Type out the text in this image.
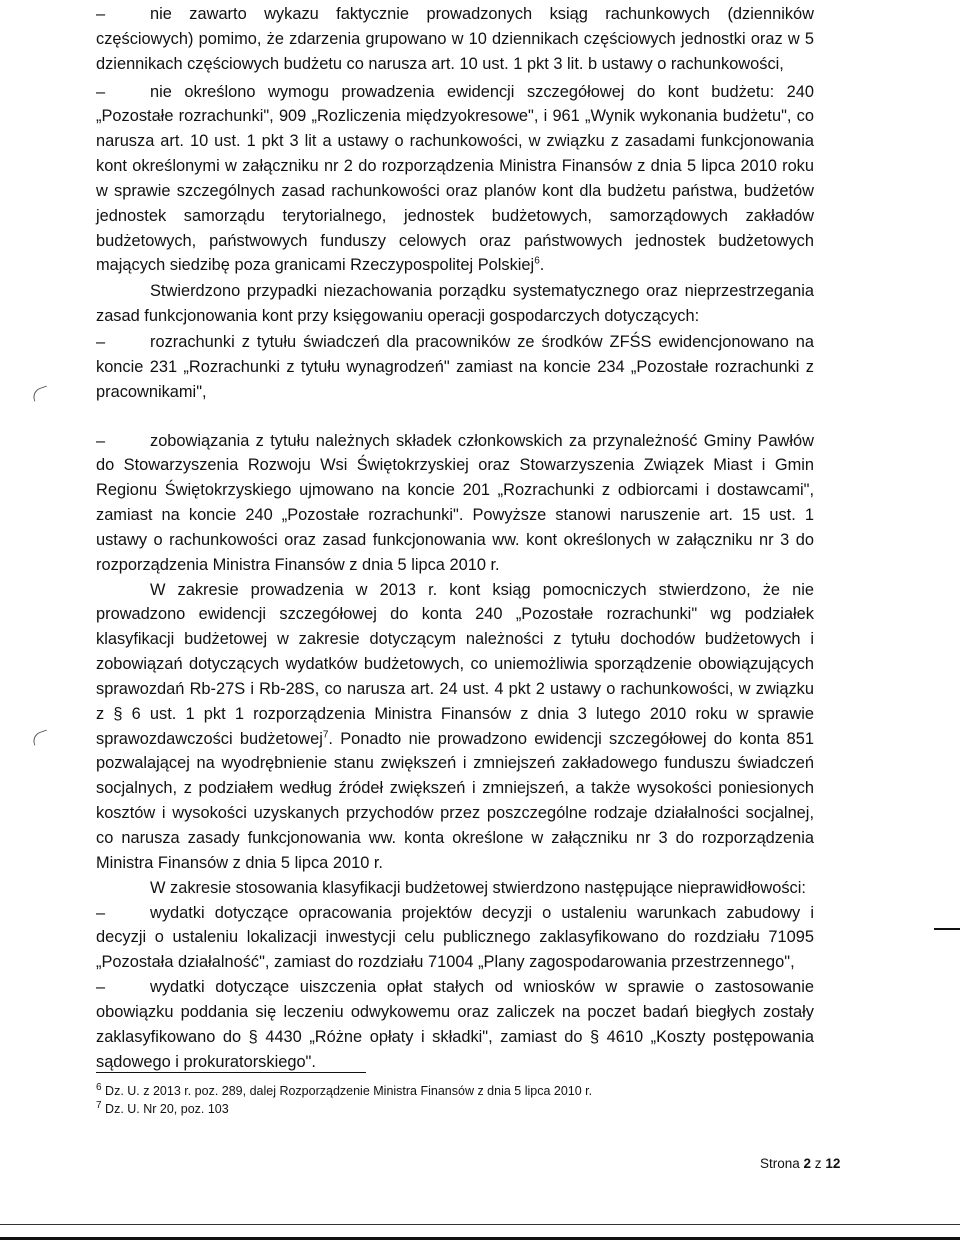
–	nie zawarto wykazu faktycznie prowadzonych ksiąg rachunkowych (dzienników częściowych) pomimo, że zdarzenia grupowano w 10 dziennikach częściowych jednostki oraz w 5 dziennikach częściowych budżetu co narusza art. 10 ust. 1 pkt 3 lit. b ustawy o rachunkowości,

–	nie określono wymogu prowadzenia ewidencji szczegółowej do kont budżetu: 240 „Pozostałe rozrachunki", 909 „Rozliczenia międzyokresowe", i 961 „Wynik wykonania budżetu", co narusza art. 10 ust. 1 pkt 3 lit a ustawy o rachunkowości, w związku z zasadami funkcjonowania kont określonymi w załączniku nr 2 do rozporządzenia Ministra Finansów z dnia 5 lipca 2010 roku w sprawie szczególnych zasad rachunkowości oraz planów kont dla budżetu państwa, budżetów jednostek samorządu terytorialnego, jednostek budżetowych, samorządowych zakładów budżetowych, państwowych funduszy celowych oraz państwowych jednostek budżetowych mających siedzibę poza granicami Rzeczypospolitej Polskiej$^6$.

Stwierdzono przypadki niezachowania porządku systematycznego oraz nieprzestrzegania zasad funkcjonowania kont przy księgowaniu operacji gospodarczych dotyczących:

–	rozrachunki z tytułu świadczeń dla pracowników ze środków ZFŚS ewidencjonowano na koncie 231 „Rozrachunki z tytułu wynagrodzeń" zamiast na koncie 234 „Pozostałe rozrachunki z pracownikami",

–	zobowiązania z tytułu należnych składek członkowskich za przynależność Gminy Pawłów do Stowarzyszenia Rozwoju Wsi Świętokrzyskiej oraz Stowarzyszenia Związek Miast i Gmin Regionu Świętokrzyskiego ujmowano na koncie 201 „Rozrachunki z odbiorcami i dostawcami", zamiast na koncie 240 „Pozostałe rozrachunki". Powyższe stanowi naruszenie art. 15 ust. 1 ustawy o rachunkowości oraz zasad funkcjonowania ww. kont określonych w załączniku nr 3 do rozporządzenia Ministra Finansów z dnia 5 lipca 2010 r.

W zakresie prowadzenia w 2013 r. kont ksiąg pomocniczych stwierdzono, że nie prowadzono ewidencji szczegółowej do konta 240 „Pozostałe rozrachunki" wg podziałek klasyfikacji budżetowej w zakresie dotyczącym należności z tytułu dochodów budżetowych i zobowiązań dotyczących wydatków budżetowych, co uniemożliwia sporządzenie obowiązujących sprawozdań Rb-27S i Rb-28S, co narusza art. 24 ust. 4 pkt 2 ustawy o rachunkowości, w związku z § 6 ust. 1 pkt 1 rozporządzenia Ministra Finansów z dnia 3 lutego 2010 roku w sprawie sprawozdawczości budżetowej$^7$. Ponadto nie prowadzono ewidencji szczegółowej do konta 851 pozwalającej na wyodrębnienie stanu zwiększeń i zmniejszeń zakładowego funduszu świadczeń socjalnych, z podziałem według źródeł zwiększeń i zmniejszeń, a także wysokości poniesionych kosztów i wysokości uzyskanych przychodów przez poszczególne rodzaje działalności socjalnej, co narusza zasady funkcjonowania ww. konta określone w załączniku nr 3 do rozporządzenia Ministra Finansów z dnia 5 lipca 2010 r.

W zakresie stosowania klasyfikacji budżetowej stwierdzono następujące nieprawidłowości:

–	wydatki dotyczące opracowania projektów decyzji o ustaleniu warunkach zabudowy i decyzji o ustaleniu lokalizacji inwestycji celu publicznego zaklasyfikowano do rozdziału 71095 „Pozostała działalność", zamiast do rozdziału 71004 „Plany zagospodarowania przestrzennego",

–	wydatki dotyczące uiszczenia opłat stałych od wniosków w sprawie o zastosowanie obowiązku poddania się leczeniu odwykowemu oraz zaliczek na poczet badań biegłych zostały zaklasyfikowano do § 4430 „Różne opłaty i składki", zamiast do § 4610 „Koszty postępowania sądowego i prokuratorskiego".

$^6$ Dz. U. z 2013 r. poz. 289, dalej Rozporządzenie Ministra Finansów z dnia 5 lipca 2010 r.
$^7$ Dz. U. Nr 20, poz. 103
Strona 2 z 12
